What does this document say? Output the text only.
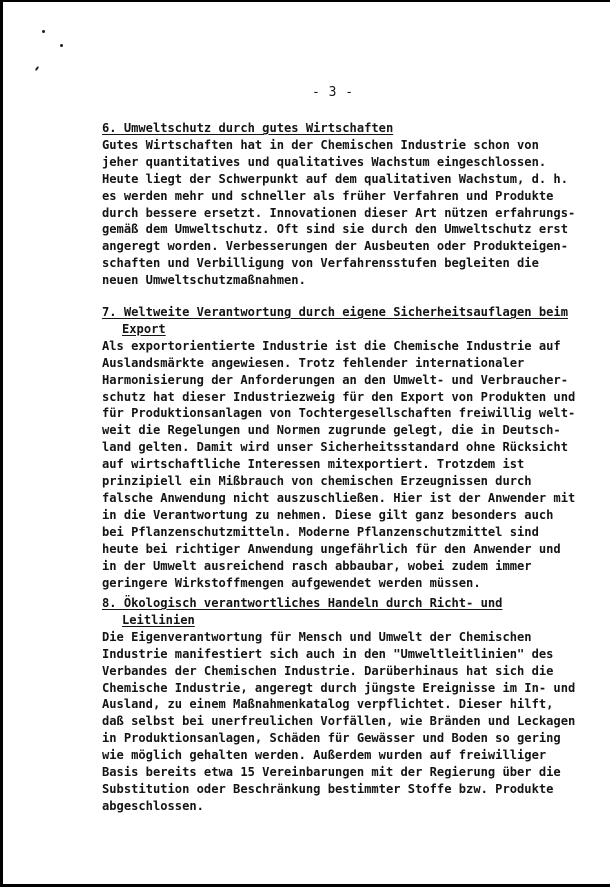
- 3 -
6. Umweltschutz durch gutes Wirtschaften
Gutes Wirtschaften hat in der Chemischen Industrie schon von
jeher quantitatives und qualitatives Wachstum eingeschlossen.
Heute liegt der Schwerpunkt auf dem qualitativen Wachstum, d. h.
es werden mehr und schneller als früher Verfahren und Produkte
durch bessere ersetzt. Innovationen dieser Art nützen erfahrungs-
gemäß dem Umweltschutz. Oft sind sie durch den Umweltschutz erst
angeregt worden. Verbesserungen der Ausbeuten oder Produkteigen-
schaften und Verbilligung von Verfahrensstufen begleiten die
neuen Umweltschutzmaßnahmen.
7. Weltweite Verantwortung durch eigene Sicherheitsauflagen beim
Export
Als exportorientierte Industrie ist die Chemische Industrie auf
Auslandsmärkte angewiesen. Trotz fehlender internationaler
Harmonisierung der Anforderungen an den Umwelt- und Verbraucher-
schutz hat dieser Industriezweig für den Export von Produkten und
für Produktionsanlagen von Tochtergesellschaften freiwillig welt-
weit die Regelungen und Normen zugrunde gelegt, die in Deutsch-
land gelten. Damit wird unser Sicherheitsstandard ohne Rücksicht
auf wirtschaftliche Interessen mitexportiert. Trotzdem ist
prinzipiell ein Mißbrauch von chemischen Erzeugnissen durch
falsche Anwendung nicht auszuschließen. Hier ist der Anwender mit
in die Verantwortung zu nehmen. Diese gilt ganz besonders auch
bei Pflanzenschutzmitteln. Moderne Pflanzenschutzmittel sind
heute bei richtiger Anwendung ungefährlich für den Anwender und
in der Umwelt ausreichend rasch abbaubar, wobei zudem immer
geringere Wirkstoffmengen aufgewendet werden müssen.
8. Ökologisch verantwortliches Handeln durch Richt- und
Leitlinien
Die Eigenverantwortung für Mensch und Umwelt der Chemischen
Industrie manifestiert sich auch in den "Umweltleitlinien" des
Verbandes der Chemischen Industrie. Darüberhinaus hat sich die
Chemische Industrie, angeregt durch jüngste Ereignisse im In- und
Ausland, zu einem Maßnahmenkatalog verpflichtet. Dieser hilft,
daß selbst bei unerfreulichen Vorfällen, wie Bränden und Leckagen
in Produktionsanlagen, Schäden für Gewässer und Boden so gering
wie möglich gehalten werden. Außerdem wurden auf freiwilliger
Basis bereits etwa 15 Vereinbarungen mit der Regierung über die
Substitution oder Beschränkung bestimmter Stoffe bzw. Produkte
abgeschlossen.
